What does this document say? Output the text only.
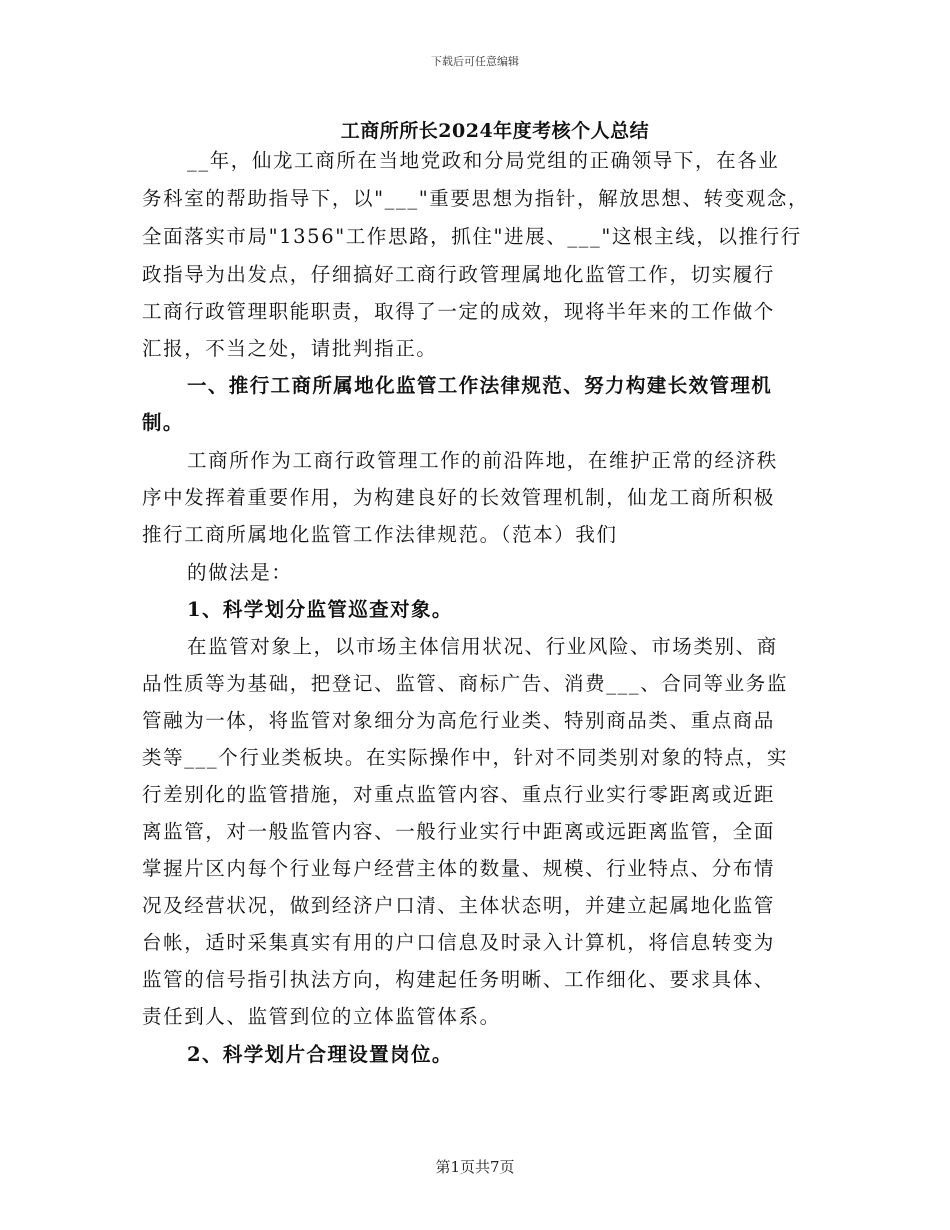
下载后可任意编辑
工商所所长2024年度考核个人总结
__年，仙龙工商所在当地党政和分局党组的正确领导下，在各业
务科室的帮助指导下，以"___"重要思想为指针，解放思想、转变观念，
全面落实市局"1356"工作思路，抓住"进展、___"这根主线，以推行行
政指导为出发点，仔细搞好工商行政管理属地化监管工作，切实履行
工商行政管理职能职责，取得了一定的成效，现将半年来的工作做个
汇报，不当之处，请批判指正。
一、推行工商所属地化监管工作法律规范、努力构建长效管理机
制。
工商所作为工商行政管理工作的前沿阵地，在维护正常的经济秩
序中发挥着重要作用，为构建良好的长效管理机制，仙龙工商所积极
推行工商所属地化监管工作法律规范。（范本）我们
的做法是：
1、科学划分监管巡查对象。
在监管对象上，以市场主体信用状况、行业风险、市场类别、商
品性质等为基础，把登记、监管、商标广告、消费___、合同等业务监
管融为一体，将监管对象细分为高危行业类、特别商品类、重点商品
类等___个行业类板块。在实际操作中，针对不同类别对象的特点，实
行差别化的监管措施，对重点监管内容、重点行业实行零距离或近距
离监管，对一般监管内容、一般行业实行中距离或远距离监管，全面
掌握片区内每个行业每户经营主体的数量、规模、行业特点、分布情
况及经营状况，做到经济户口清、主体状态明，并建立起属地化监管
台帐，适时采集真实有用的户口信息及时录入计算机，将信息转变为
监管的信号指引执法方向，构建起任务明晰、工作细化、要求具体、
责任到人、监管到位的立体监管体系。
2、科学划片合理设置岗位。
第1页共7页
